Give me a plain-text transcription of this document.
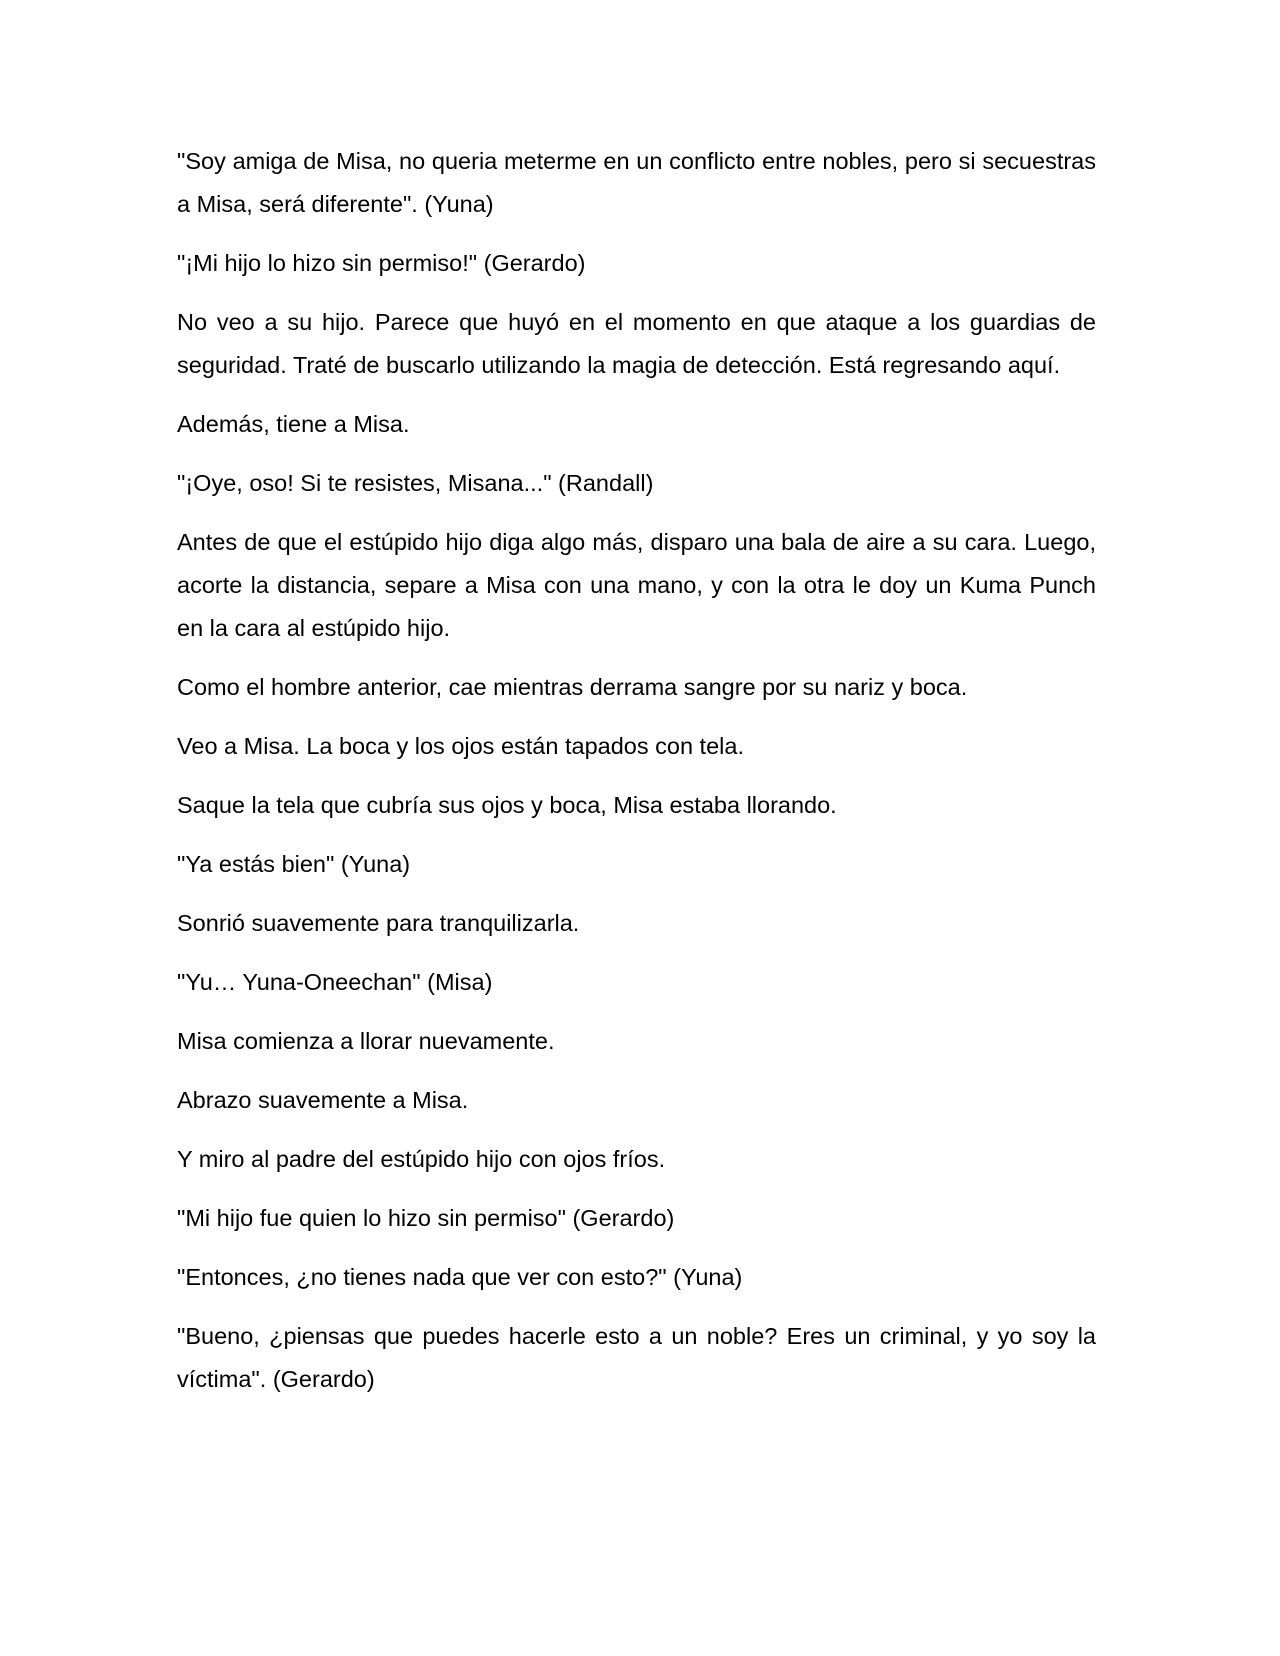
"Soy amiga de Misa, no queria meterme en un conflicto entre nobles, pero si secuestras a Misa, será diferente". (Yuna)

"¡Mi hijo lo hizo sin permiso!" (Gerardo)

No veo a su hijo. Parece que huyó en el momento en que ataque a los guardias de seguridad. Traté de buscarlo utilizando la magia de detección. Está regresando aquí.

Además, tiene a Misa.

"¡Oye, oso! Si te resistes, Misana..." (Randall)

Antes de que el estúpido hijo diga algo más, disparo una bala de aire a su cara. Luego, acorte la distancia, separe a Misa con una mano, y con la otra le doy un Kuma Punch en la cara al estúpido hijo.

Como el hombre anterior, cae mientras derrama sangre por su nariz y boca.

Veo a Misa. La boca y los ojos están tapados con tela.

Saque la tela que cubría sus ojos y boca, Misa estaba llorando.

"Ya estás bien" (Yuna)

Sonrió suavemente para tranquilizarla.

"Yu… Yuna-Oneechan" (Misa)

Misa comienza a llorar nuevamente.

Abrazo suavemente a Misa.

Y miro al padre del estúpido hijo con ojos fríos.

"Mi hijo fue quien lo hizo sin permiso" (Gerardo)

"Entonces, ¿no tienes nada que ver con esto?" (Yuna)

"Bueno, ¿piensas que puedes hacerle esto a un noble? Eres un criminal, y yo soy la víctima". (Gerardo)
